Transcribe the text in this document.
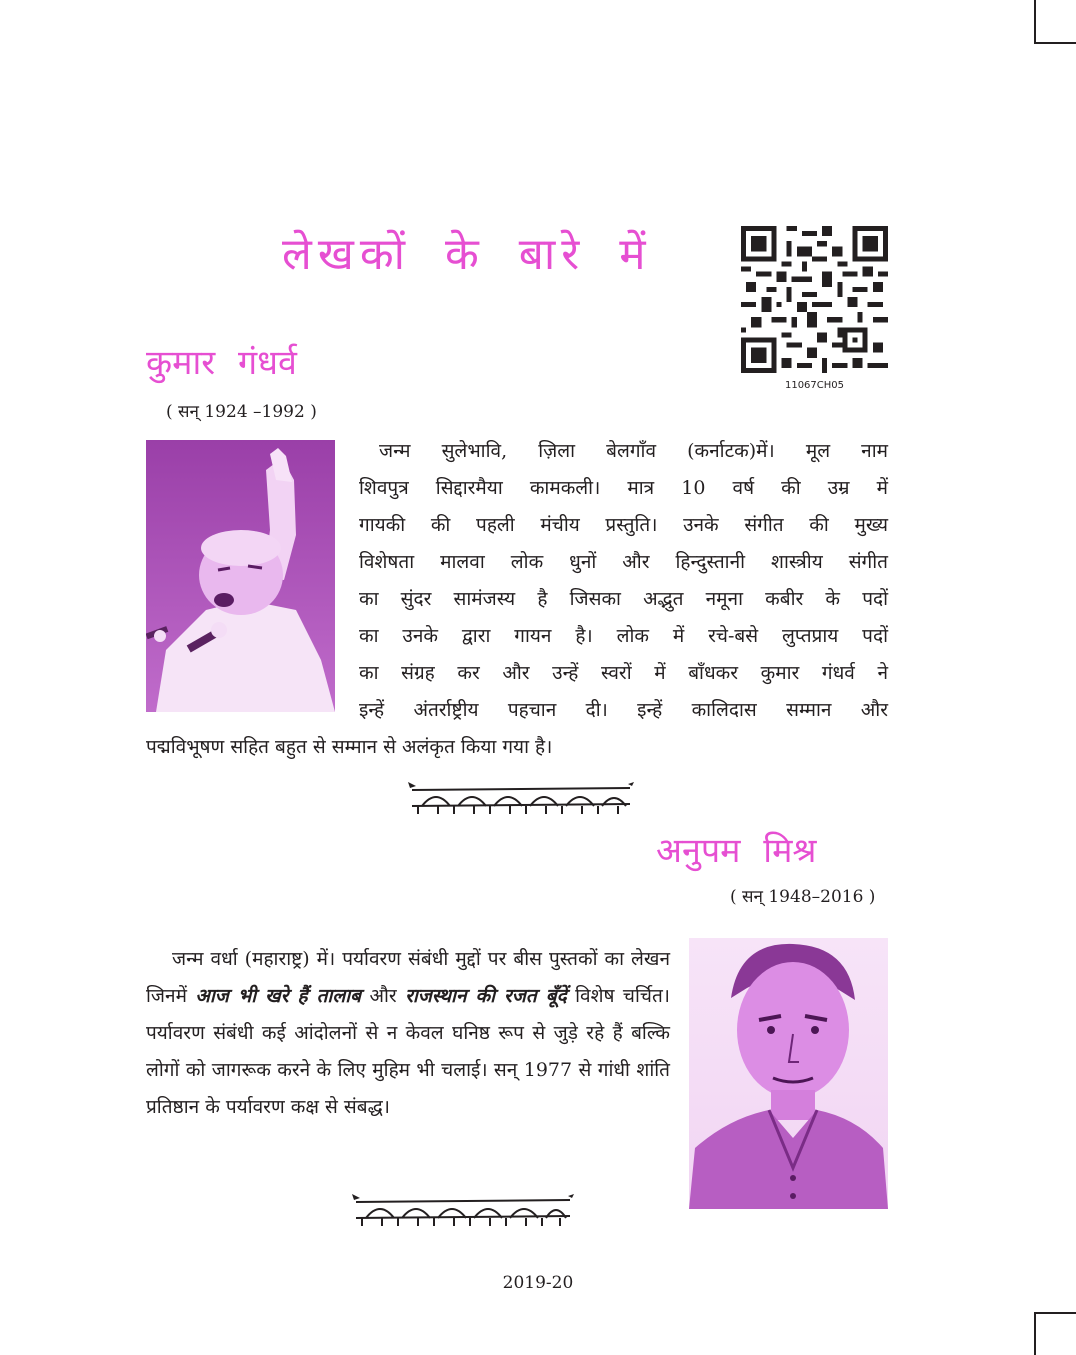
लेखकों के बारे में
11067CH05
कुमार गंधर्व
( सन् 1924 –1992 )
जन्म सुलेभावि, ज़िला बेलगाँव (कर्नाटक)में। मूल नाम
शिवपुत्र सिद्दारमैया कामकली। मात्र 10 वर्ष की उम्र में
गायकी की पहली मंचीय प्रस्तुति। उनके संगीत की मुख्य
विशेषता मालवा लोक धुनों और हिन्दुस्तानी शास्त्रीय संगीत
का सुंदर सामंजस्य है जिसका अद्भुत नमूना कबीर के पदों
का उनके द्वारा गायन है। लोक में रचे-बसे लुप्तप्राय पदों
का संग्रह कर और उन्हें स्वरों में बाँधकर कुमार गंधर्व ने
इन्हें अंतर्राष्ट्रीय पहचान दी। इन्हें कालिदास सम्मान और
पद्मविभूषण सहित बहुत से सम्मान से अलंकृत किया गया है।
अनुपम मिश्र
( सन् 1948–2016 )

जन्म वर्धा (महाराष्ट्र) में। पर्यावरण संबंधी मुद्दों पर बीस पुस्तकों का लेखन जिनमें आज भी खरे हैं तालाब और राजस्थान की रजत बूँदें विशेष चर्चित। पर्यावरण संबंधी कई आंदोलनों से न केवल घनिष्ठ रूप से जुड़े रहे हैं बल्कि लोगों को जागरूक करने के लिए मुहिम भी चलाई। सन् 1977 से गांधी शांति प्रतिष्ठान के पर्यावरण कक्ष से संबद्ध।

2019-20
